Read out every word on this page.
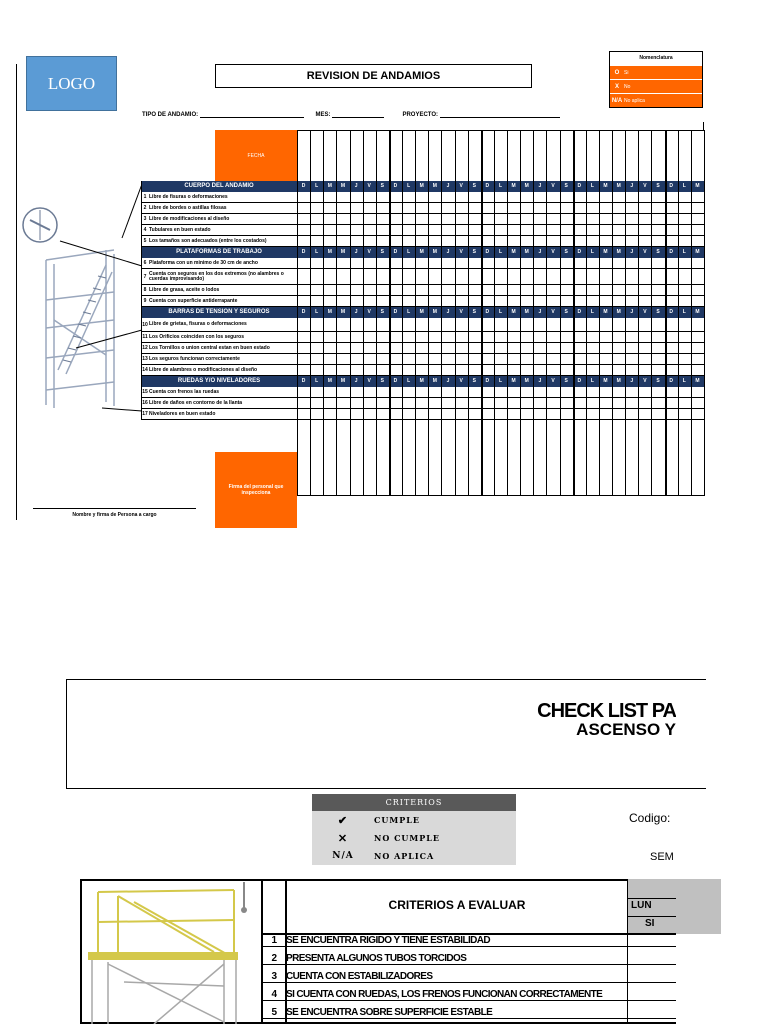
LOGO	REVISION DE ANDAMIOS
Nomenclatura
O Si
X	No
N/A No aplica
TIPO DE ANDAMIO:	MES:	PROYECTO:
FECHA
CUERPO DEL ANDAMIO	D	L	M	M	J	V	S	D	L	M	M	J	V	S	D	L	M	M	J	V	S	D	L	M	M	J	V	S	D	L	M
1 Libre de fisuras o deformaciones
2 Libre de bordes o astillas filosas
3 Libre de modificaciones al diseño
4 Tubulares en buen estado
5 Los tamaños son adecuados (entre los costados)
PLATAFORMAS DE TRABAJO	D	L	M	M	J	V	S	D	L	M	M	J	V	S	D	L	M	M	J	V	S	D	L	M	M	J	V	S	D	L	M
6 Plataforma con un minimo de 30 cm de ancho
7 Cuenta con seguros en los dos extremos (no alambres o cuerdas improvisando)
8 Libre de grasa, aceite o lodos
9 Cuenta con superficie antiderrapante
BARRAS DE TENSION Y SEGUROS	D	L	M	M	J	V	S	D	L	M	M	J	V	S	D	L	M	M	J	V	S	D	L	M	M	J	V	S	D	L	M
10 Libre de grietas, fisuras o deformaciones
11 Los Orificios coinciden con los seguros
12 Los Tornillos o union central estan en buen estado
13 Los seguros funcionan correctamente
14 Libre de alambres o modificaciones al diseño
RUEDAS Y/O NIVELADORES	D	L	M	M	J	V	S	D	L	M	M	J	V	S	D	L	M	M	J	V	S	D	L	M	M	J	V	S	D	L	M
15 Cuenta con frenos las ruedas
16 Libre de daños en contorno de la llanta
17 Niveladores en buen estado
Firma del personal que inspecciona
Nombre y firma de Persona a cargo
CHECK LIST PA
ASCENSO Y
CRITERIOS
✔	CUMPLE
✕	NO CUMPLE
N/A	NO APLICA
Codigo:
SEM
LUN
SI
CRITERIOS A EVALUAR
1 SE ENCUENTRA RIGIDO Y TIENE ESTABILIDAD
2 PRESENTA ALGUNOS TUBOS TORCIDOS
3 CUENTA CON ESTABILIZADORES
4 SI CUENTA CON RUEDAS, LOS FRENOS FUNCIONAN CORRECTAMENTE
5 SE ENCUENTRA SOBRE SUPERFICIE ESTABLE
